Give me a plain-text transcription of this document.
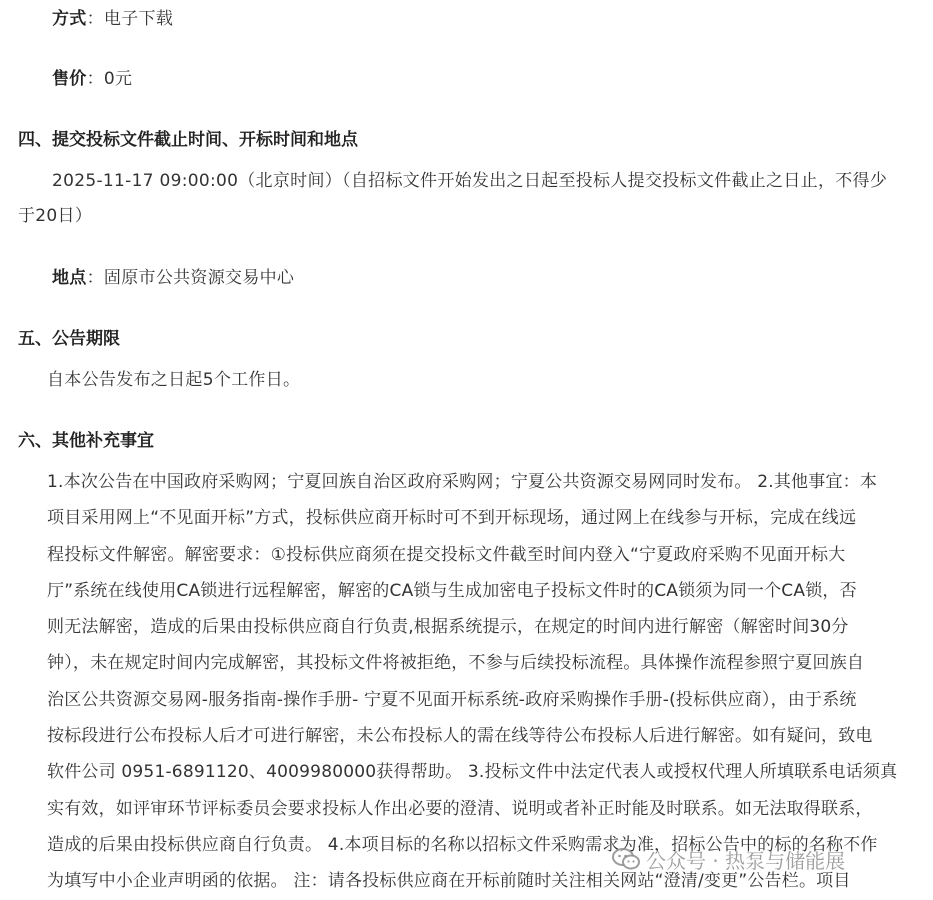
方式：电子下载
售价：0元
四、提交投标文件截止时间、开标时间和地点
2025-11-17 09:00:00（北京时间）（自招标文件开始发出之日起至投标人提交投标文件截止之日止，不得少
于20日）
地点：固原市公共资源交易中心
五、公告期限
自本公告发布之日起5个工作日。
六、其他补充事宜
1.本次公告在中国政府采购网；宁夏回族自治区政府采购网；宁夏公共资源交易网同时发布。 2.其他事宜：本
项目采用网上“不见面开标”方式，投标供应商开标时可不到开标现场，通过网上在线参与开标，完成在线远
程投标文件解密。解密要求：①投标供应商须在提交投标文件截至时间内登入“宁夏政府采购不见面开标大
厅”系统在线使用CA锁进行远程解密，解密的CA锁与生成加密电子投标文件时的CA锁须为同一个CA锁，否
则无法解密，造成的后果由投标供应商自行负责,根据系统提示，在规定的时间内进行解密（解密时间30分
钟），未在规定时间内完成解密，其投标文件将被拒绝，不参与后续投标流程。具体操作流程参照宁夏回族自
治区公共资源交易网-服务指南-操作手册- 宁夏不见面开标系统-政府采购操作手册-(投标供应商），由于系统
按标段进行公布投标人后才可进行解密，未公布投标人的需在线等待公布投标人后进行解密。如有疑问，致电
软件公司 0951-6891120、4009980000获得帮助。 3.投标文件中法定代表人或授权代理人所填联系电话须真
实有效，如评审环节评标委员会要求投标人作出必要的澄清、说明或者补正时能及时联系。如无法取得联系，
造成的后果由投标供应商自行负责。 4.本项目标的名称以招标文件采购需求为准，招标公告中的标的名称不作
为填写中小企业声明函的依据。 注：请各投标供应商在开标前随时关注相关网站“澄清/变更”公告栏。项目
公众号 · 热泵与储能展
